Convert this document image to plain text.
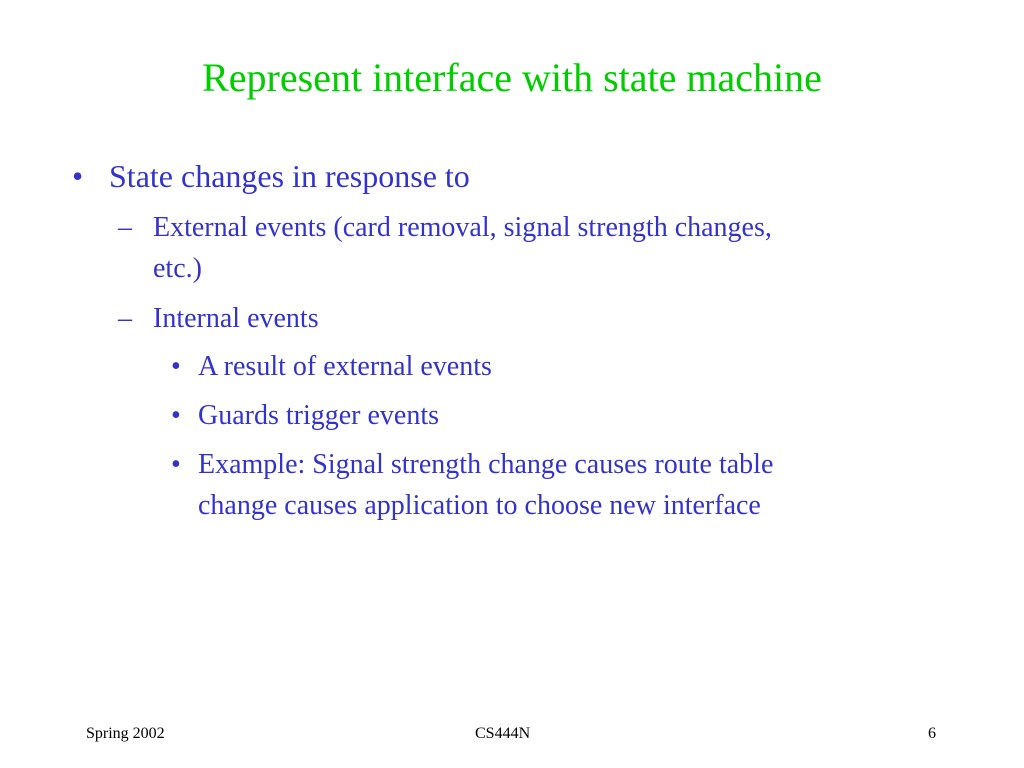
Represent interface with state machine
• State changes in response to
– External events (card removal, signal strength changes,
etc.)
– Internal events
• A result of external events
• Guards trigger events
• Example: Signal strength change causes route table
change causes application to choose new interface
Spring 2002	CS444N	6
